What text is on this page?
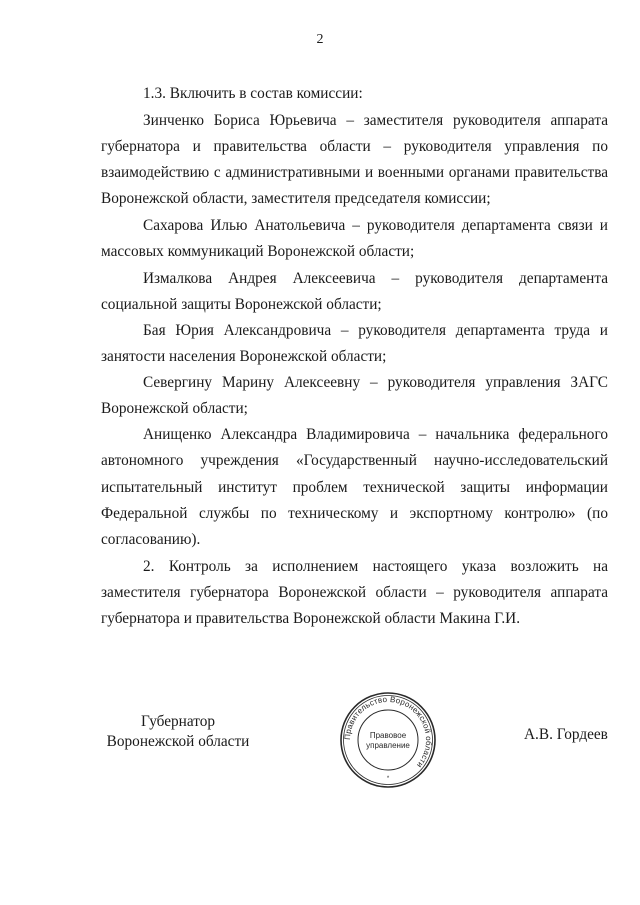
2
1.3. Включить в состав комиссии:
Зинченко Бориса Юрьевича – заместителя руководителя аппарата
губернатора и правительства области – руководителя управления по
взаимодействию с административными и военными органами правительства
Воронежской области, заместителя председателя комиссии;
Сахарова Илью Анатольевича – руководителя департамента связи и
массовых коммуникаций Воронежской области;
Измалкова Андрея Алексеевича – руководителя департамента
социальной защиты Воронежской области;
Бая Юрия Александровича – руководителя департамента труда и
занятости населения Воронежской области;
Севергину Марину Алексеевну – руководителя управления ЗАГС
Воронежской области;
Анищенко Александра Владимировича – начальника федерального
автономного учреждения «Государственный научно-исследовательский
испытательный институт проблем технической защиты информации
Федеральной службы по техническому и экспортному контролю» (по
согласованию).
2. Контроль за исполнением настоящего указа возложить на
заместителя губернатора Воронежской области – руководителя аппарата
губернатора и правительства Воронежской области Макина Г.И.
Губернатор
Воронежской области	А.В. Гордеев
Правительство Воронежской области
Правовое
управление
*
